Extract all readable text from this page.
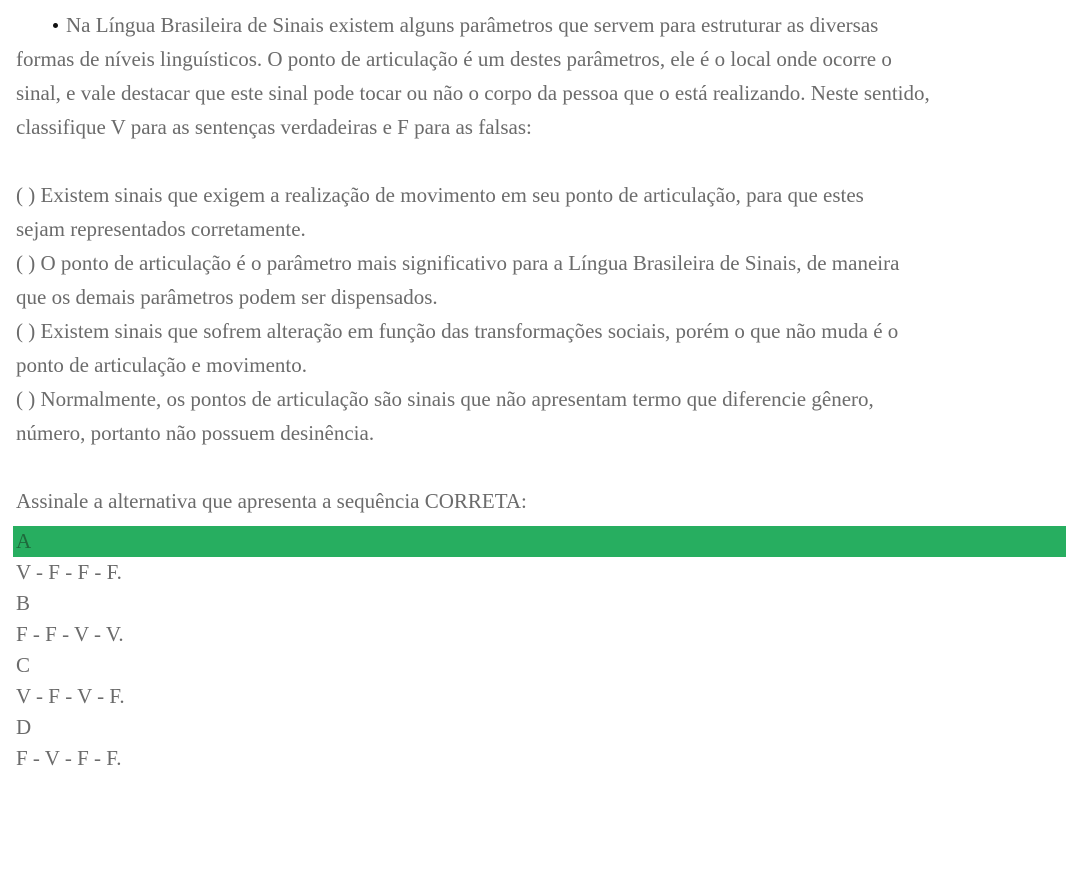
Na Língua Brasileira de Sinais existem alguns parâmetros que servem para estruturar as diversas

formas de níveis linguísticos. O ponto de articulação é um destes parâmetros, ele é o local onde ocorre o

sinal, e vale destacar que este sinal pode tocar ou não o corpo da pessoa que o está realizando. Neste sentido,

classifique V para as sentenças verdadeiras e F para as falsas:

( ) Existem sinais que exigem a realização de movimento em seu ponto de articulação, para que estes

sejam representados corretamente.

( ) O ponto de articulação é o parâmetro mais significativo para a Língua Brasileira de Sinais, de maneira

que os demais parâmetros podem ser dispensados.

( ) Existem sinais que sofrem alteração em função das transformações sociais, porém o que não muda é o

ponto de articulação e movimento.

( ) Normalmente, os pontos de articulação são sinais que não apresentam termo que diferencie gênero,

número, portanto não possuem desinência.

Assinale a alternativa que apresenta a sequência CORRETA:

A
V - F - F - F.
B
F - F - V - V.
C
V - F - V - F.
D
F - V - F - F.
